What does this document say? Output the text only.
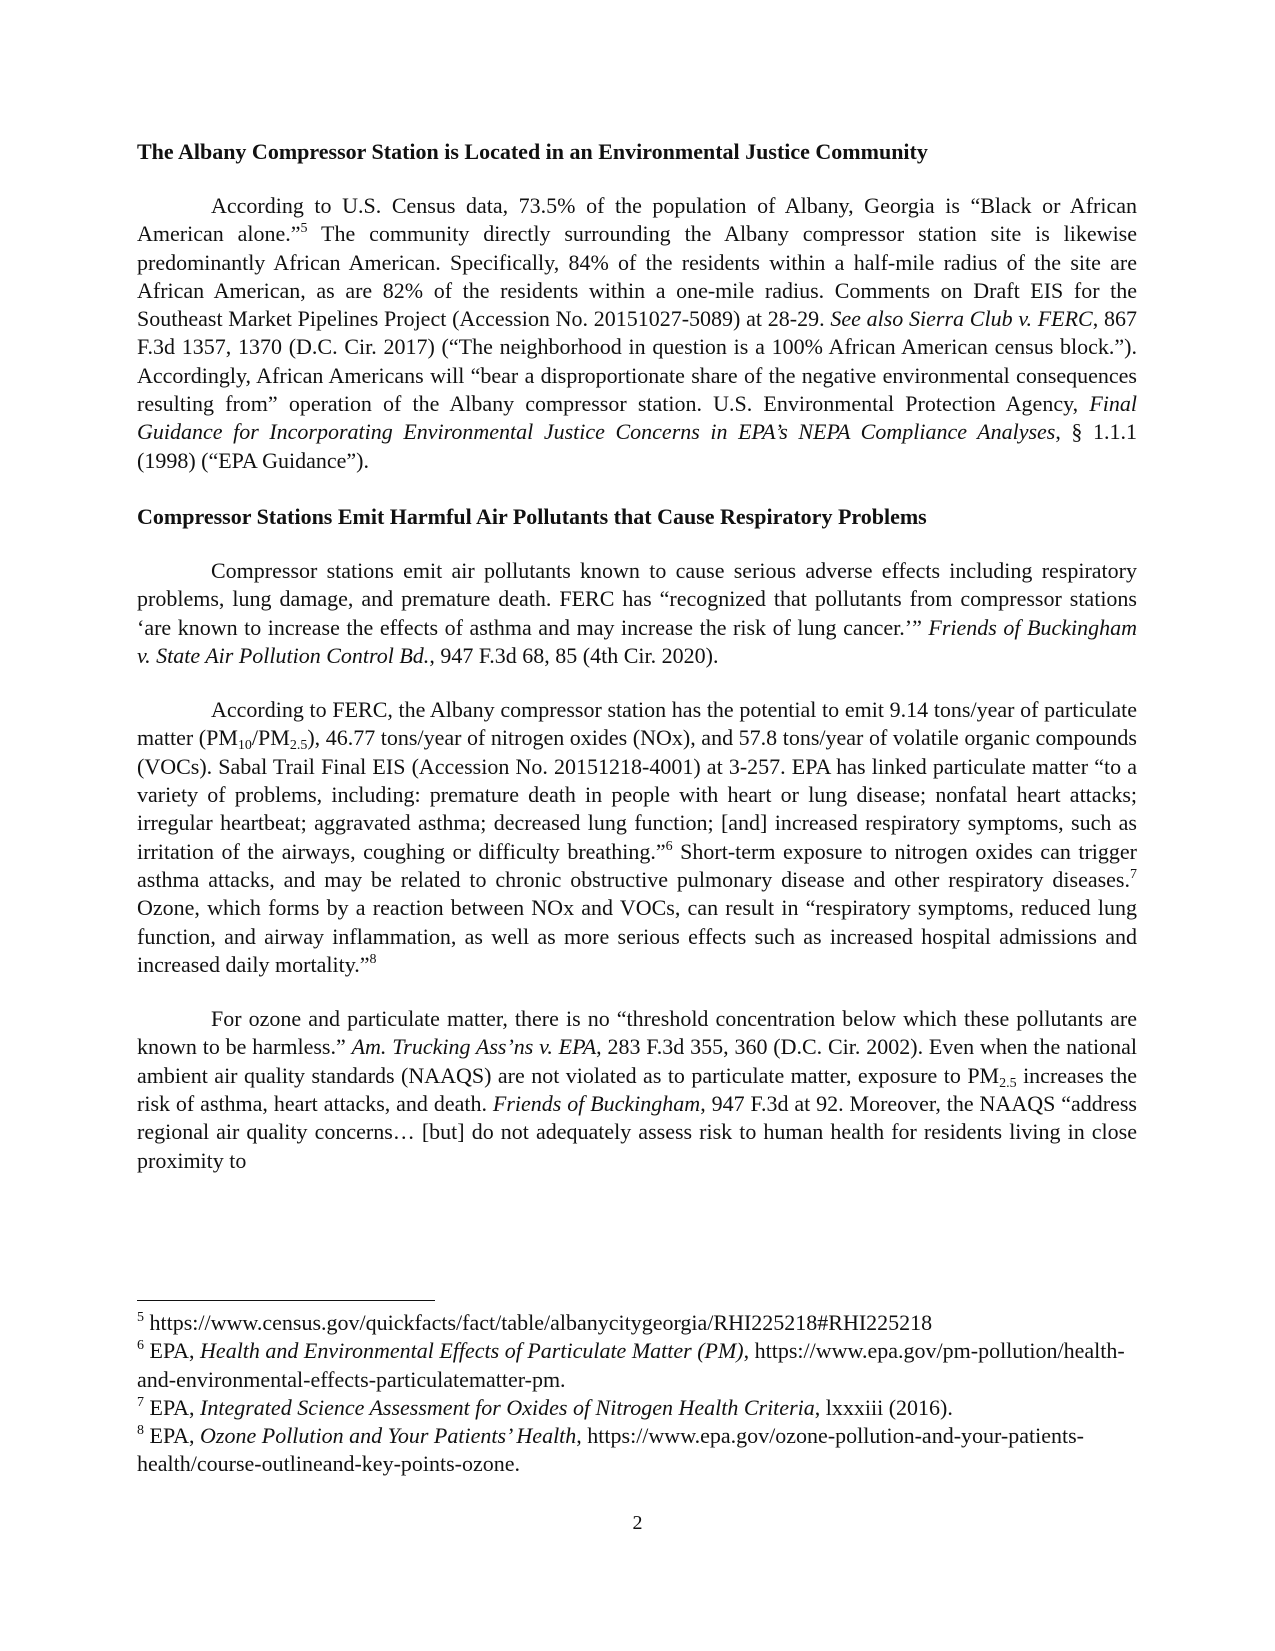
The Albany Compressor Station is Located in an Environmental Justice Community

According to U.S. Census data, 73.5% of the population of Albany, Georgia is “Black or African American alone.”$^5$ The community directly surrounding the Albany compressor station site is likewise predominantly African American. Specifically, 84% of the residents within a half-mile radius of the site are African American, as are 82% of the residents within a one-mile radius. Comments on Draft EIS for the Southeast Market Pipelines Project (Accession No. 20151027-5089) at 28-29. See also Sierra Club v. FERC, 867 F.3d 1357, 1370 (D.C. Cir. 2017) (“The neighborhood in question is a 100% African American census block.”). Accordingly, African Americans will “bear a disproportionate share of the negative environmental consequences resulting from” operation of the Albany compressor station. U.S. Environmental Protection Agency, Final Guidance for Incorporating Environmental Justice Concerns in EPA’s NEPA Compliance Analyses, § 1.1.1 (1998) (“EPA Guidance”).

Compressor Stations Emit Harmful Air Pollutants that Cause Respiratory Problems

Compressor stations emit air pollutants known to cause serious adverse effects including respiratory problems, lung damage, and premature death. FERC has “recognized that pollutants from compressor stations ‘are known to increase the effects of asthma and may increase the risk of lung cancer.’” Friends of Buckingham v. State Air Pollution Control Bd., 947 F.3d 68, 85 (4th Cir. 2020).

According to FERC, the Albany compressor station has the potential to emit 9.14 tons/year of particulate matter $(PM_{10}/PM_{2.5})$, 46.77 tons/year of nitrogen oxides (NOx), and 57.8 tons/year of volatile organic compounds (VOCs). Sabal Trail Final EIS (Accession No. 20151218-4001) at 3-257. EPA has linked particulate matter “to a variety of problems, including: premature death in people with heart or lung disease; nonfatal heart attacks; irregular heartbeat; aggravated asthma; decreased lung function; [and] increased respiratory symptoms, such as irritation of the airways, coughing or difficulty breathing.”$^6$ Short-term exposure to nitrogen oxides can trigger asthma attacks, and may be related to chronic obstructive pulmonary disease and other respiratory diseases.$^7$ Ozone, which forms by a reaction between NOx and VOCs, can result in “respiratory symptoms, reduced lung function, and airway inflammation, as well as more serious effects such as increased hospital admissions and increased daily mortality.”$^8$

For ozone and particulate matter, there is no “threshold concentration below which these pollutants are known to be harmless.” Am. Trucking Ass’ns v. EPA, 283 F.3d 355, 360 (D.C. Cir. 2002). Even when the national ambient air quality standards (NAAQS) are not violated as to particulate matter, exposure to $PM_{2.5}$ increases the risk of asthma, heart attacks, and death. Friends of Buckingham, 947 F.3d at 92. Moreover, the NAAQS “address regional air quality concerns… [but] do not adequately assess risk to human health for residents living in close proximity to

$^5$ https://www.census.gov/quickfacts/fact/table/albanycitygeorgia/RHI225218#RHI225218

$^6$ EPA, Health and Environmental Effects of Particulate Matter (PM), https://www.epa.gov/pm-pollution/health-and-environmental-effects-particulatematter-pm.

$^7$ EPA, Integrated Science Assessment for Oxides of Nitrogen Health Criteria, lxxxiii (2016).

$^8$ EPA, Ozone Pollution and Your Patients’ Health, https://www.epa.gov/ozone-pollution-and-your-patients-health/course-outlineand-key-points-ozone.

2
